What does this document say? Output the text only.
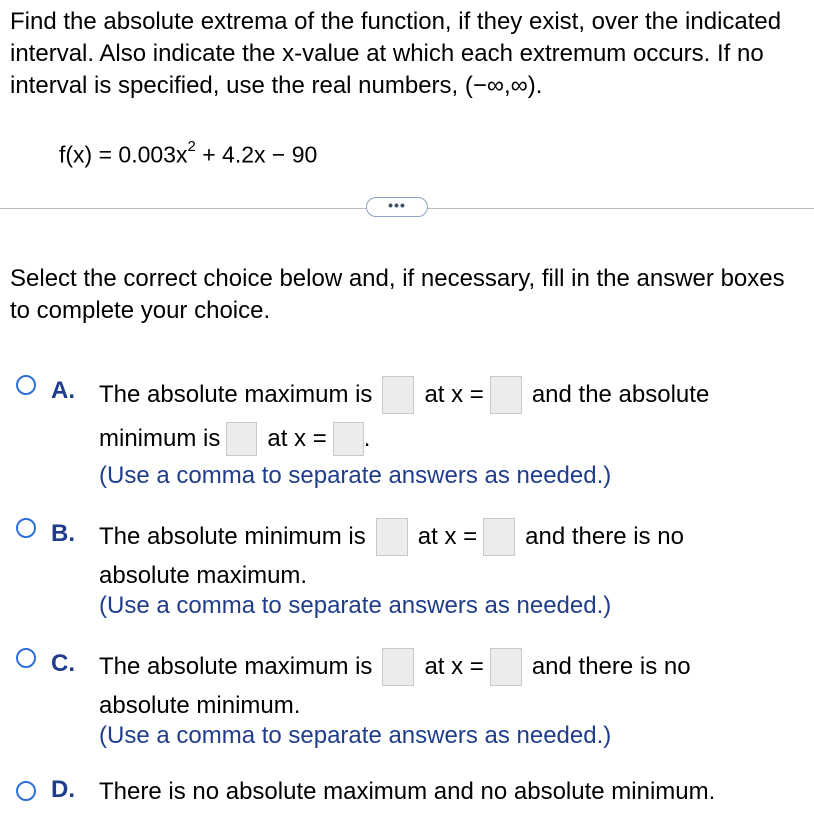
Find the absolute extrema of the function, if they exist, over the indicated interval. Also indicate the x-value at which each extremum occurs. If no interval is specified, use the real numbers, (−∞,∞).
$f(x) = 0.003x^2 + 4.2x - 90$
•••
Select the correct choice below and, if necessary, fill in the answer boxes to complete your choice.
A. The absolute maximum is at x = and the absolute
minimum is at x = .
(Use a comma to separate answers as needed.)
B. The absolute minimum is at x = and there is no
absolute maximum.
(Use a comma to separate answers as needed.)
C. The absolute maximum is at x = and there is no
absolute minimum.
(Use a comma to separate answers as needed.)
D. There is no absolute maximum and no absolute minimum.
